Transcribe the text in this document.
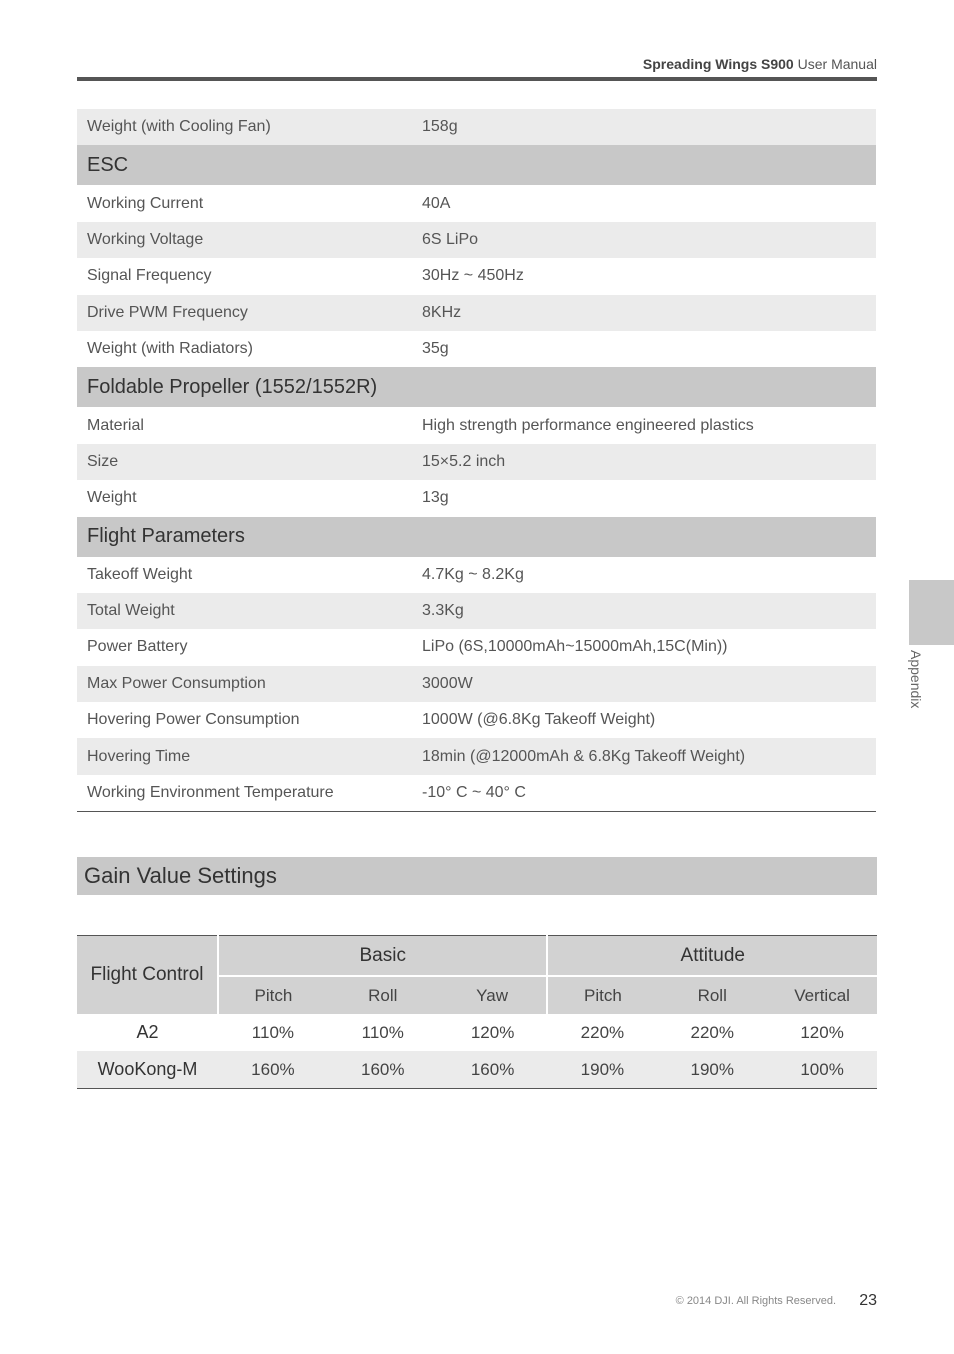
Spreading Wings S900 User Manual
Weight (with Cooling Fan)	158g
ESC
Working Current	40A
Working Voltage	6S LiPo
Signal Frequency	30Hz ~ 450Hz
Drive PWM Frequency	8KHz
Weight (with Radiators)	35g
Foldable Propeller (1552/1552R)
Material	High strength performance engineered plastics
Size	15×5.2 inch
Weight	13g
Flight Parameters
Takeoff Weight	4.7Kg ~ 8.2Kg
Total Weight	3.3Kg
Power Battery	LiPo (6S,10000mAh~15000mAh,15C(Min))
Max Power Consumption	3000W
Hovering Power Consumption	1000W (@6.8Kg Takeoff Weight)
Hovering Time	18min (@12000mAh & 6.8Kg Takeoff Weight)
Working Environment Temperature	-10° C ~ 40° C
Gain Value Settings
Flight Control	Basic			Attitude		
	Pitch	Roll	Yaw	Pitch	Roll	Vertical
A2	110%	110%	120%	220%	220%	120%
WooKong-M	160%	160%	160%	190%	190%	100%
Appendix
© 2014 DJI. All Rights Reserved. 23
